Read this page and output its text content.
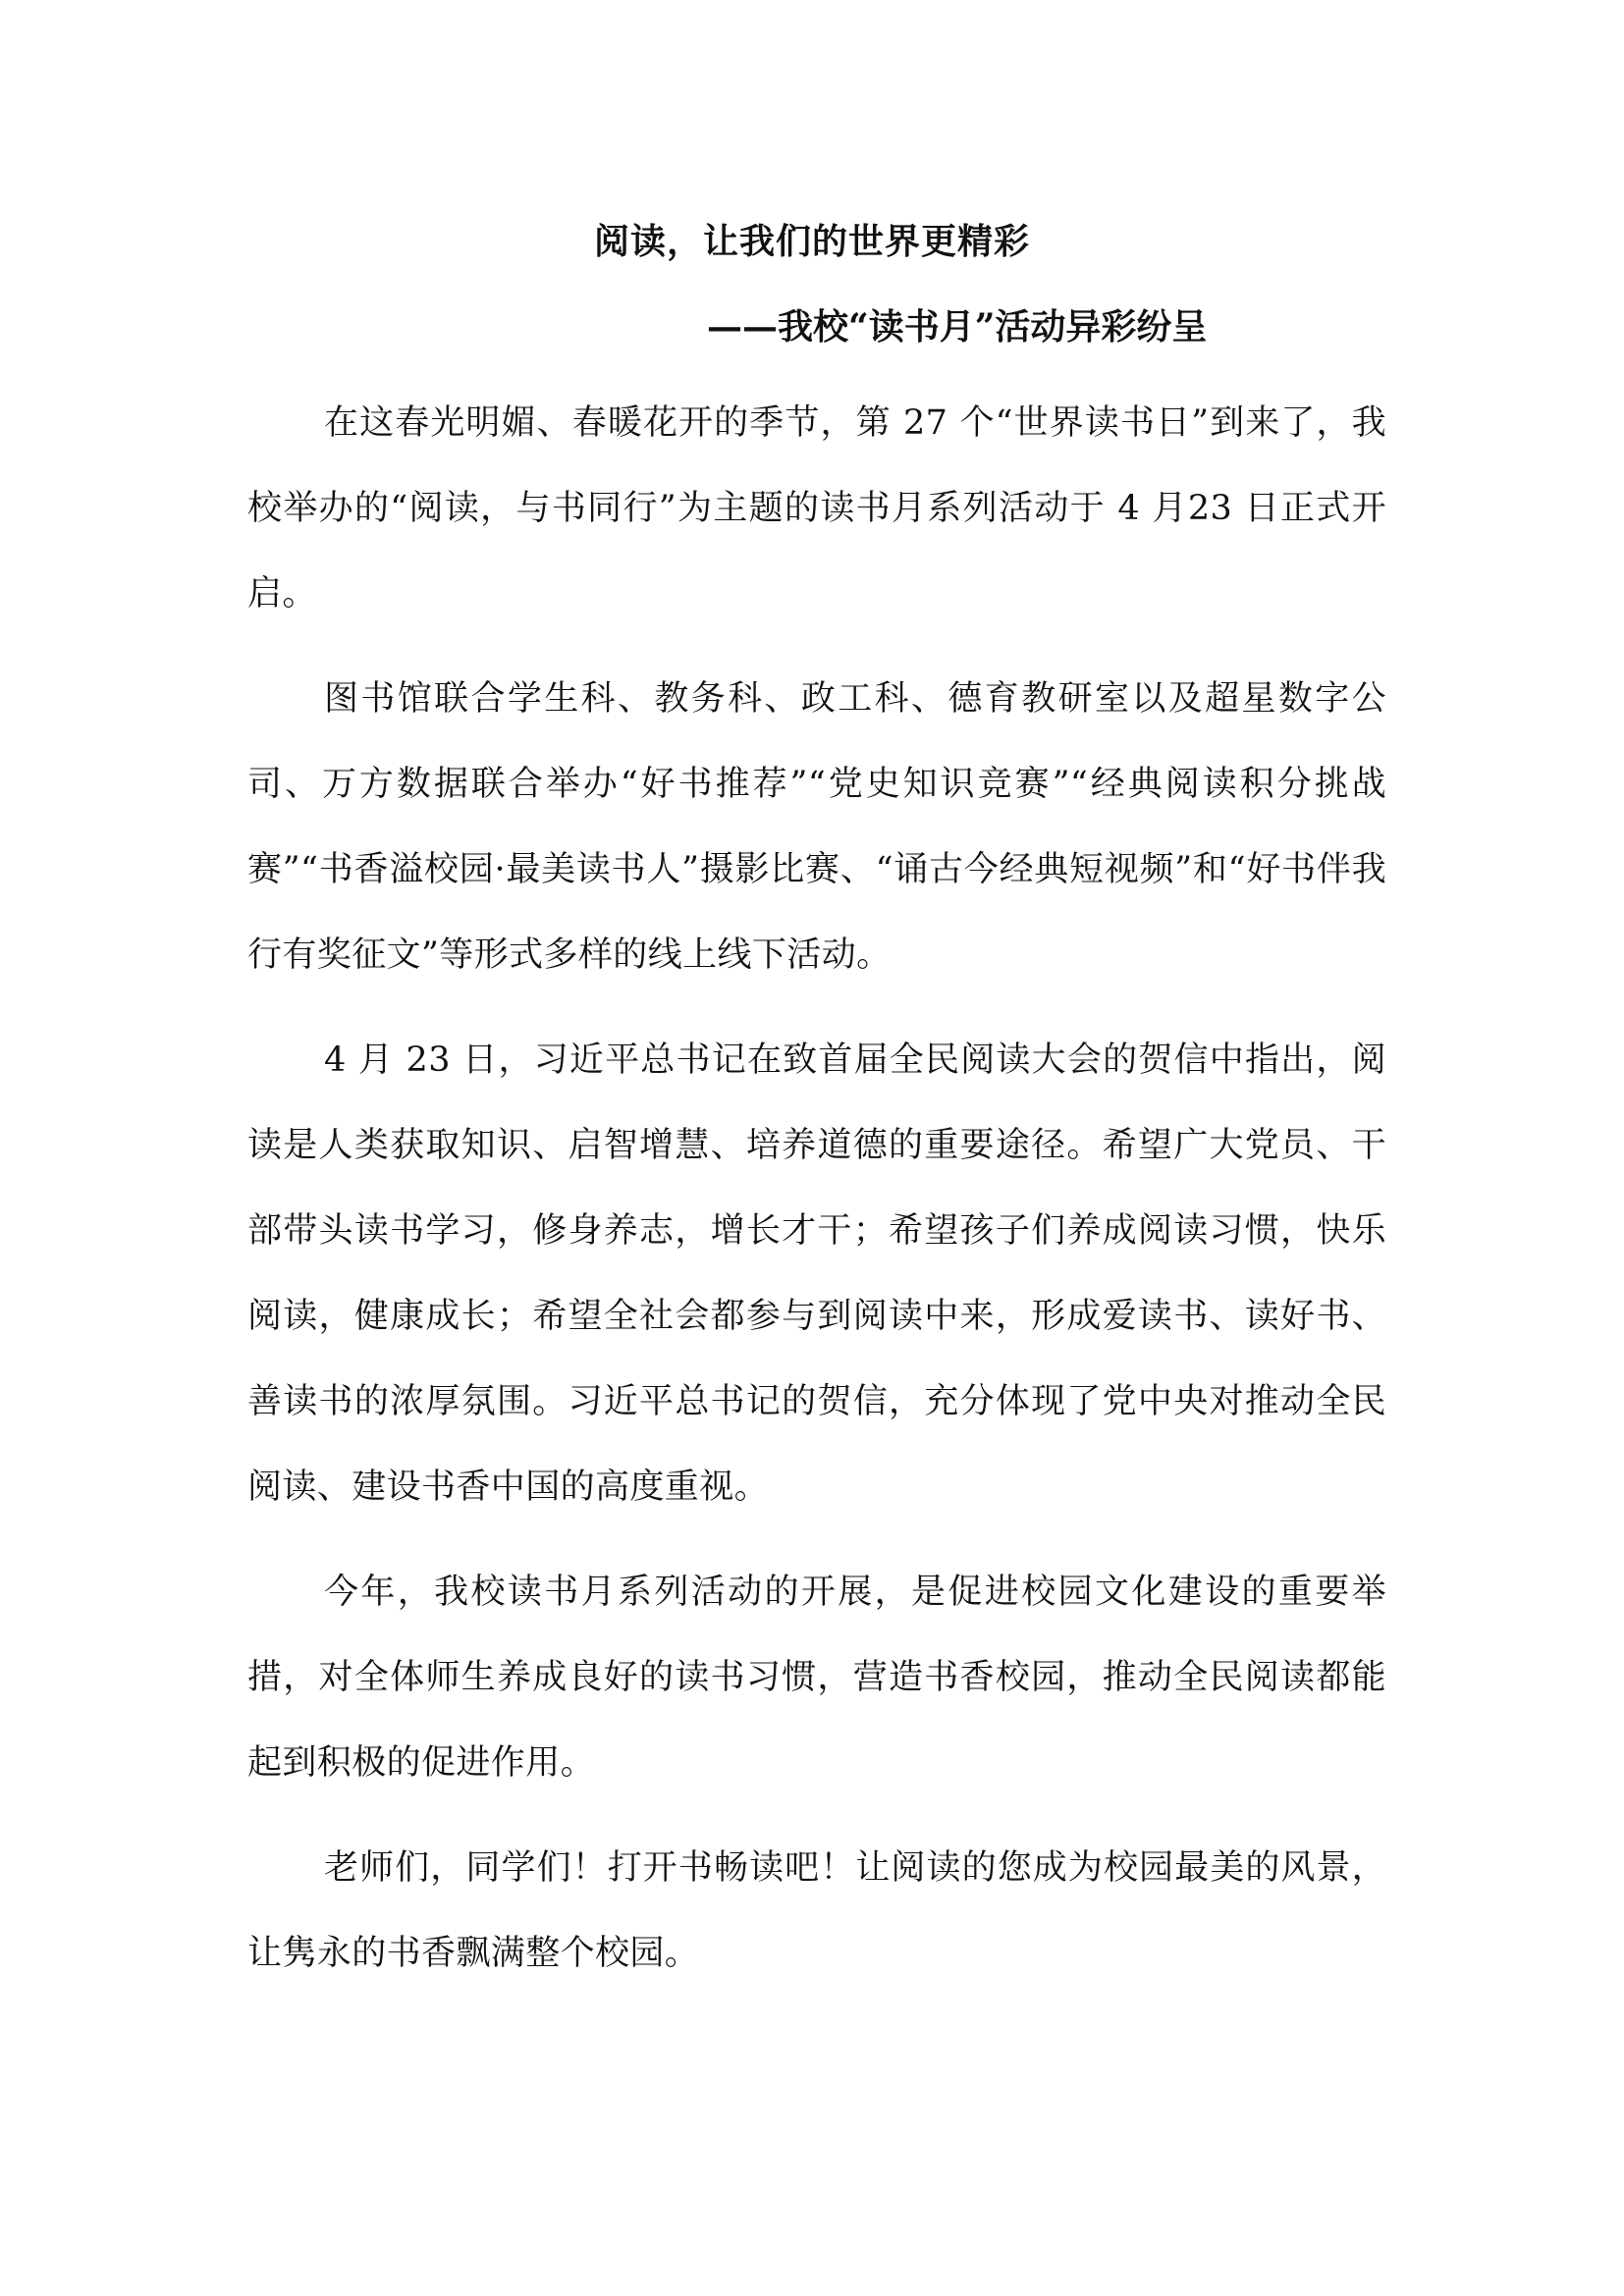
阅读，让我们的世界更精彩
——我校“读书月”活动异彩纷呈

在这春光明媚、春暖花开的季节，第 27 个“世界读书日”到来了，我校举办的“阅读，与书同行”为主题的读书月系列活动于 4 月23 日正式开启。

图书馆联合学生科、教务科、政工科、德育教研室以及超星数字公司、万方数据联合举办“好书推荐”“党史知识竞赛”“经典阅读积分挑战赛”“书香溢校园·最美读书人”摄影比赛、“诵古今经典短视频”和“好书伴我行有奖征文”等形式多样的线上线下活动。

4 月 23 日，习近平总书记在致首届全民阅读大会的贺信中指出，阅读是人类获取知识、启智增慧、培养道德的重要途径。希望广大党员、干部带头读书学习，修身养志，增长才干；希望孩子们养成阅读习惯，快乐阅读，健康成长；希望全社会都参与到阅读中来，形成爱读书、读好书、善读书的浓厚氛围。习近平总书记的贺信，充分体现了党中央对推动全民阅读、建设书香中国的高度重视。

今年，我校读书月系列活动的开展，是促进校园文化建设的重要举措，对全体师生养成良好的读书习惯，营造书香校园，推动全民阅读都能起到积极的促进作用。

老师们，同学们！打开书畅读吧！让阅读的您成为校园最美的风景，让隽永的书香飘满整个校园。
